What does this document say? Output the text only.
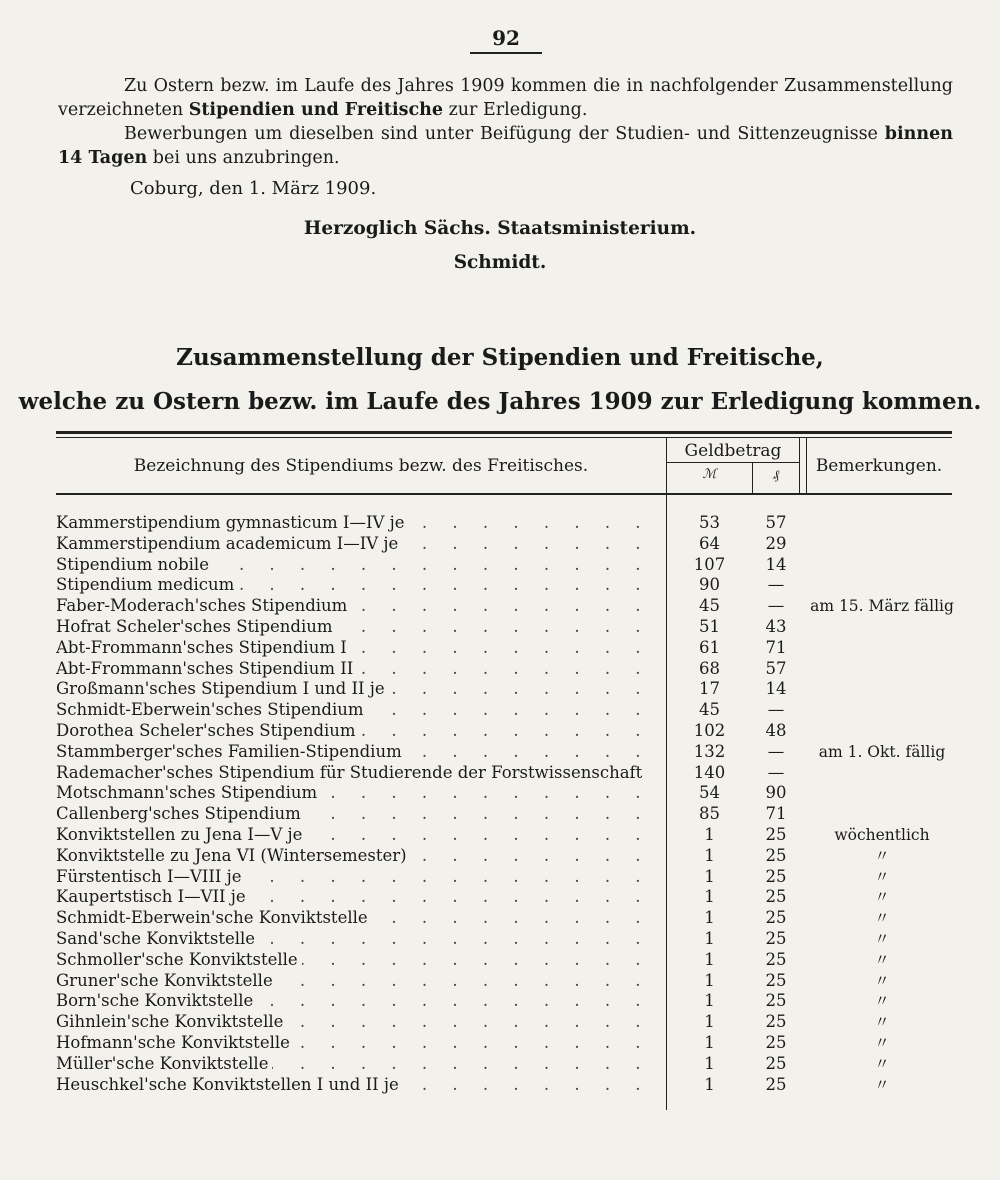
92

Zu Ostern bezw. im Laufe des Jahres 1909 kommen die in nachfolgender Zusammenstellung verzeichneten Stipendien und Freitische zur Erledigung.

Bewerbungen um dieselben sind unter Beifügung der Studien- und Sittenzeugnisse binnen 14 Tagen bei uns anzubringen.

Coburg, den 1. März 1909.
Herzoglich Sächs. Staatsministerium.
Schmidt.
Zusammenstellung der Stipendien und Freitische,
welche zu Ostern bezw. im Laufe des Jahres 1909 zur Erledigung kommen.
Bezeichnung des Stipendiums bezw. des Freitisches.
Geldbetrag
ℳ	₰	Bemerkungen.
Kammerstipendium gymnasticum I—IV je . . .	53	57
Kammerstipendium academicum I—IV je . . .	64	29
Stipendium nobile . . .	107	14
Stipendium medicum . . .	90	—
Faber-Moderach'sches Stipendium . . .	45	—	am 15. März fällig
Hofrat Scheler'sches Stipendium . . .	51	43
Abt-Frommann'sches Stipendium I . . .	61	71
Abt-Frommann'sches Stipendium II . . .	68	57
Großmann'sches Stipendium I und II je . . .	17	14
Schmidt-Eberwein'sches Stipendium . . .	45	—
Dorothea Scheler'sches Stipendium . . .	102	48
Stammberger'sches Familien-Stipendium . . .	132	—	am 1. Okt. fällig
Rademacher'sches Stipendium für Studierende der Forstwissenschaft . . .	140	—
Motschmann'sches Stipendium . . .	54	90
Callenberg'sches Stipendium . . .	85	71
Konviktstellen zu Jena I—V je . . .	1	25	wöchentlich
Konviktstelle zu Jena VI (Wintersemester) . . .	1	25	〃
Fürstentisch I—VIII je . . .	1	25	〃
Kaupertstisch I—VII je . . .	1	25	〃
Schmidt-Eberwein'sche Konviktstelle . . .	1	25	〃
Sand'sche Konviktstelle . . .	1	25	〃
Schmoller'sche Konviktstelle . . .	1	25	〃
Gruner'sche Konviktstelle . . .	1	25	〃
Born'sche Konviktstelle . . .	1	25	〃
Gihnlein'sche Konviktstelle . . .	1	25	〃
Hofmann'sche Konviktstelle . . .	1	25	〃
Müller'sche Konviktstelle . . .	1	25	〃
Heuschkel'sche Konviktstellen I und II je . . .	1	25	〃
